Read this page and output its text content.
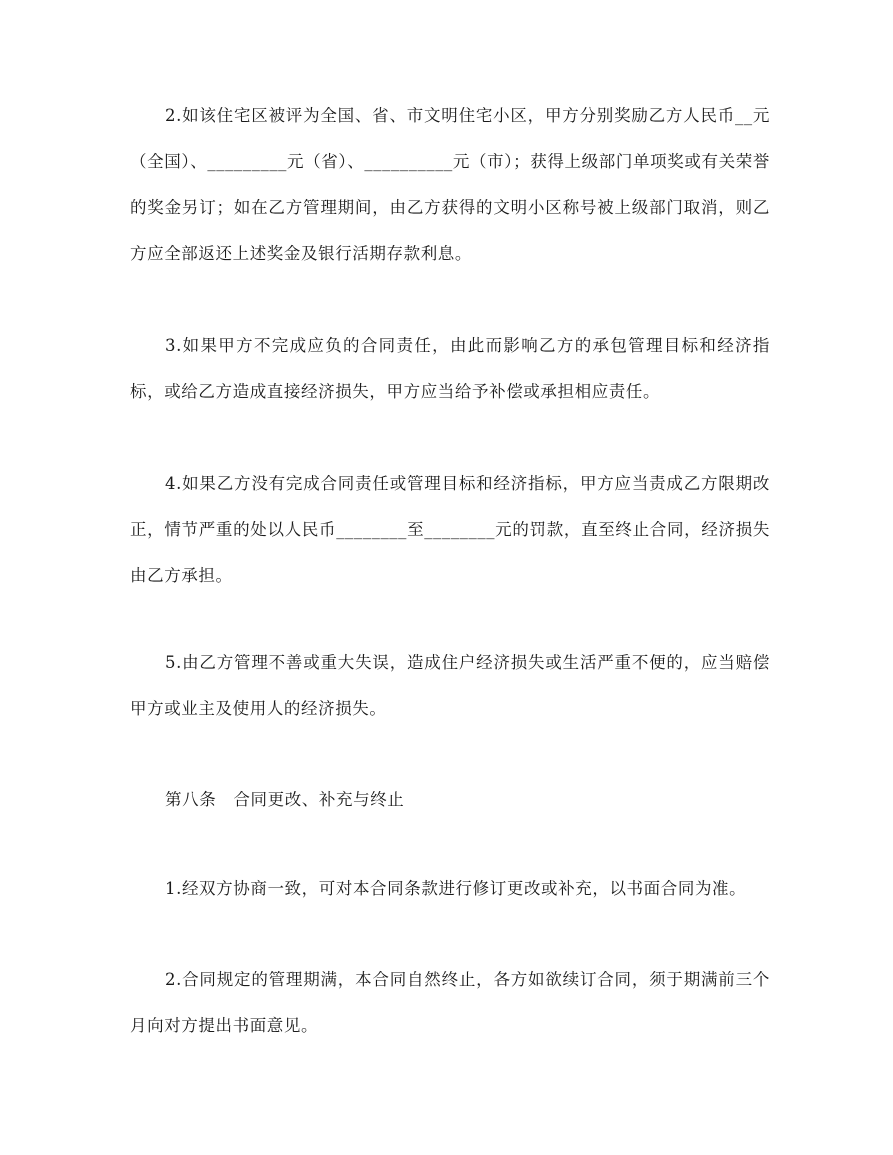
2.如该住宅区被评为全国、省、市文明住宅小区，甲方分别奖励乙方人民币__元（全国）、_________元（省）、__________元（市）；获得上级部门单项奖或有关荣誉的奖金另订；如在乙方管理期间，由乙方获得的文明小区称号被上级部门取消，则乙方应全部返还上述奖金及银行活期存款利息。

3.如果甲方不完成应负的合同责任，由此而影响乙方的承包管理目标和经济指标，或给乙方造成直接经济损失，甲方应当给予补偿或承担相应责任。

4.如果乙方没有完成合同责任或管理目标和经济指标，甲方应当责成乙方限期改正，情节严重的处以人民币________至________元的罚款，直至终止合同，经济损失由乙方承担。

5.由乙方管理不善或重大失误，造成住户经济损失或生活严重不便的，应当赔偿甲方或业主及使用人的经济损失。

第八条　合同更改、补充与终止

1.经双方协商一致，可对本合同条款进行修订更改或补充，以书面合同为准。

2.合同规定的管理期满，本合同自然终止，各方如欲续订合同，须于期满前三个月向对方提出书面意见。
